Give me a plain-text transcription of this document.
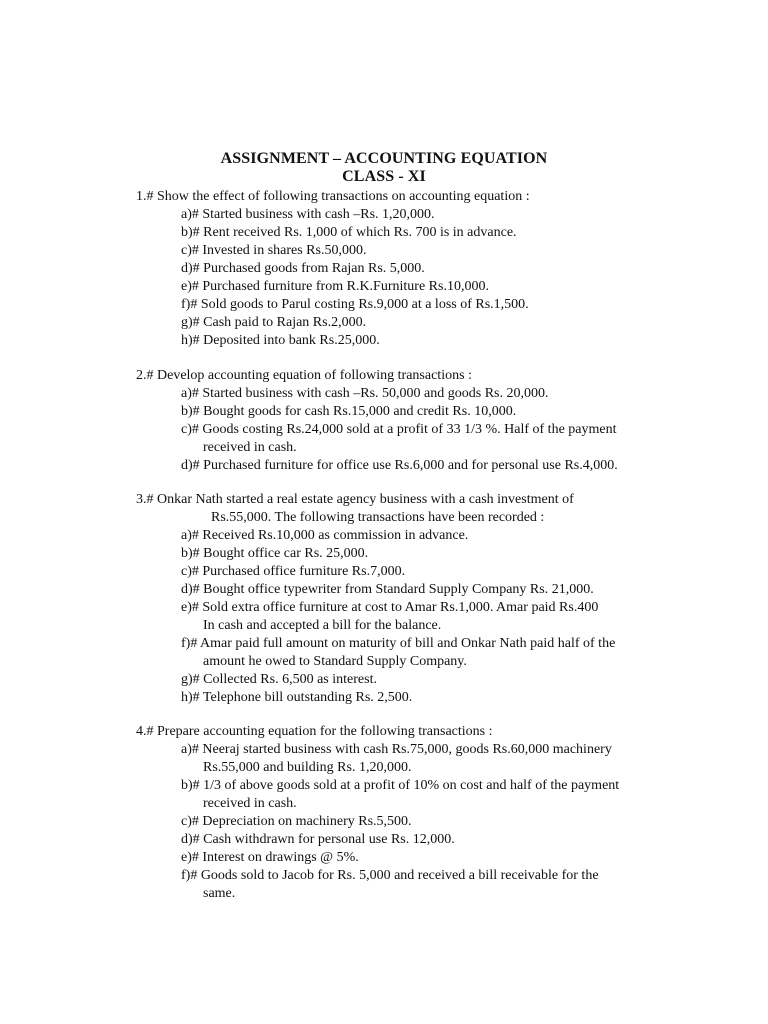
ASSIGNMENT – ACCOUNTING EQUATION
CLASS - XI
1.# Show the effect of following transactions on accounting equation :
a)# Started business with cash –Rs. 1,20,000.
b)# Rent received Rs. 1,000 of which Rs. 700 is in advance.
c)# Invested in shares Rs.50,000.
d)# Purchased goods from Rajan Rs. 5,000.
e)# Purchased furniture from R.K.Furniture Rs.10,000.
f)# Sold goods to Parul costing Rs.9,000 at a loss of Rs.1,500.
g)# Cash paid to Rajan Rs.2,000.
h)# Deposited into bank Rs.25,000.
2.# Develop accounting equation of following transactions :
a)# Started business with cash –Rs. 50,000 and goods Rs. 20,000.
b)# Bought goods for cash Rs.15,000 and credit Rs. 10,000.
c)# Goods costing Rs.24,000 sold at a profit of 33 1/3 %. Half of the payment
received in cash.
d)# Purchased furniture for office use Rs.6,000 and for personal use Rs.4,000.
3.# Onkar Nath started a real estate agency business with a cash investment of
Rs.55,000. The following transactions have been recorded :
a)# Received Rs.10,000 as commission in advance.
b)# Bought office car Rs. 25,000.
c)# Purchased office furniture Rs.7,000.
d)# Bought office typewriter from Standard Supply Company Rs. 21,000.
e)# Sold extra office furniture at cost to Amar Rs.1,000. Amar paid Rs.400
In cash and accepted a bill for the balance.
f)# Amar paid full amount on maturity of bill and Onkar Nath paid half of the
amount he owed to Standard Supply Company.
g)# Collected Rs. 6,500 as interest.
h)# Telephone bill outstanding Rs. 2,500.
4.# Prepare accounting equation for the following transactions :
a)# Neeraj started business with cash Rs.75,000, goods Rs.60,000 machinery
Rs.55,000 and building Rs. 1,20,000.
b)# 1/3 of above goods sold at a profit of 10% on cost and half of the payment
received in cash.
c)# Depreciation on machinery Rs.5,500.
d)# Cash withdrawn for personal use Rs. 12,000.
e)# Interest on drawings @ 5%.
f)# Goods sold to Jacob for Rs. 5,000 and received a bill receivable for the
same.
